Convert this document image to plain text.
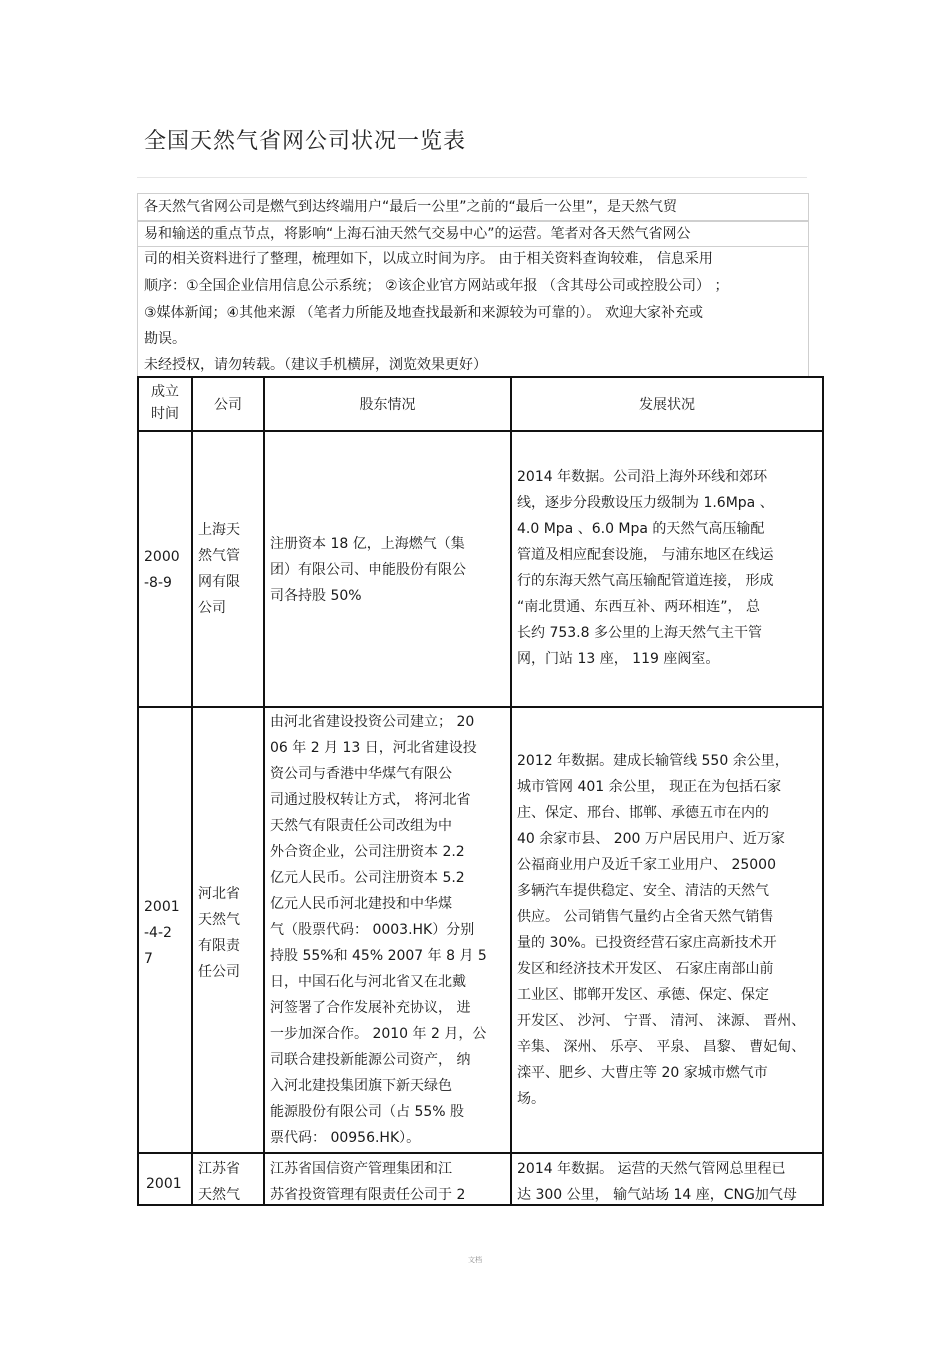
全国天然气省网公司状况一览表
各天然气省网公司是燃气到达终端用户“最后一公里”之前的“最后一公里”，是天然气贸
易和输送的重点节点，将影响“上海石油天然气交易中心”的运营。笔者对各天然气省网公
司的相关资料进行了整理，梳理如下，以成立时间为序。 由于相关资料查询较难， 信息采用
顺序：①全国企业信用信息公示系统； ②该企业官方网站或年报 （含其母公司或控股公司） ；
③媒体新闻；④其他来源 （笔者力所能及地查找最新和来源较为可靠的）。 欢迎大家补充或
勘误。
未经授权，请勿转载。（建议手机横屏，浏览效果更好）
成立
时间
公司	股东情况	发展状况
2000
-8-9
上海天
然气管
网有限
公司
注册资本 18 亿，上海燃气（集
团）有限公司、申能股份有限公
司各持股 50%
2014 年数据。公司沿上海外环线和郊环
线，逐步分段敷设压力级制为 1.6Mpa 、
4.0 Mpa 、6.0 Mpa 的天然气高压输配
管道及相应配套设施， 与浦东地区在线运
行的东海天然气高压输配管道连接， 形成
“南北贯通、东西互补、两环相连”， 总
长约 753.8 多公里的上海天然气主干管
网，门站 13 座， 119 座阀室。
2001
-4-2
7
河北省
天然气
有限责
任公司
由河北省建设投资公司建立； 20
06 年 2 月 13 日，河北省建设投
资公司与香港中华煤气有限公
司通过股权转让方式， 将河北省
天然气有限责任公司改组为中
外合资企业，公司注册资本 2.2
亿元人民币。公司注册资本 5.2
亿元人民币河北建投和中华煤
气（股票代码： 0003.HK）分别
持股 55%和 45% 2007 年 8 月 5
日，中国石化与河北省又在北戴
河签署了合作发展补充协议， 进
一步加深合作。 2010 年 2 月，公
司联合建投新能源公司资产， 纳
入河北建投集团旗下新天绿色
能源股份有限公司（占 55% 股
票代码： 00956.HK）。
2012 年数据。建成长输管线 550 余公里，
城市管网 401 余公里， 现正在为包括石家
庄、保定、邢台、邯郸、承德五市在内的
40 余家市县、 200 万户居民用户、近万家
公福商业用户及近千家工业用户、 25000
多辆汽车提供稳定、安全、清洁的天然气
供应。 公司销售气量约占全省天然气销售
量的 30%。已投资经营石家庄高新技术开
发区和经济技术开发区、 石家庄南部山前
工业区、邯郸开发区、承德、保定、保定
开发区、 沙河、 宁晋、 清河、 涞源、 晋州、
辛集、 深州、 乐亭、 平泉、 昌黎、 曹妃甸、
滦平、肥乡、大曹庄等 20 家城市燃气市
场。
2001
江苏省
天然气
江苏省国信资产管理集团和江
苏省投资管理有限责任公司于 2
2014 年数据。 运营的天然气管网总里程已
达 300 公里， 输气站场 14 座，CNG加气母
文档
